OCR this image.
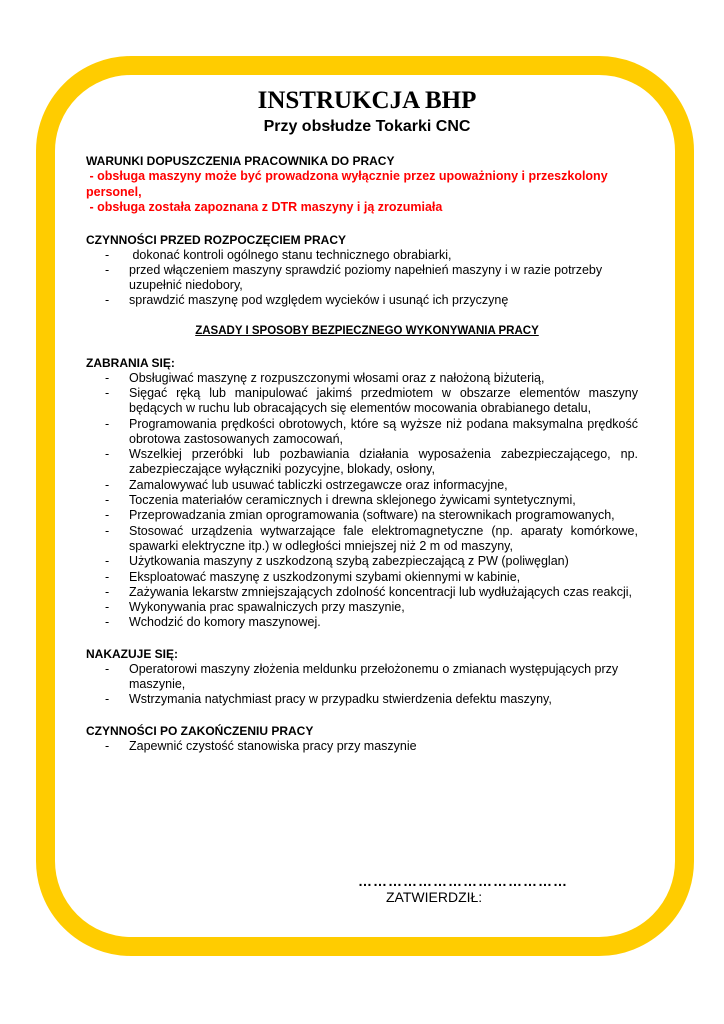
INSTRUKCJA BHP
Przy obsłudze Tokarki CNC

WARUNKI DOPUSZCZENIA PRACOWNIKA DO PRACY

- obsługa maszyny może być prowadzona wyłącznie przez upoważniony i przeszkolony personel,

- obsługa została zapoznana z DTR maszyny i ją zrozumiała

CZYNNOŚCI PRZED ROZPOCZĘCIEM PRACY

-  dokonać kontroli ogólnego stanu technicznego obrabiarki,
- przed włączeniem maszyny sprawdzić poziomy napełnień maszyny i w razie potrzeby uzupełnić niedobory,
- sprawdzić maszynę pod względem wycieków i usunąć ich przyczynę

ZASADY I SPOSOBY BEZPIECZNEGO WYKONYWANIA PRACY

ZABRANIA SIĘ:

- Obsługiwać maszynę z rozpuszczonymi włosami oraz z nałożoną biżuterią,
- Sięgać ręką lub manipulować jakimś przedmiotem w obszarze elementów maszyny będących w ruchu lub obracających się elementów mocowania obrabianego detalu,
- Programowania prędkości obrotowych, które są wyższe niż podana maksymalna prędkość obrotowa zastosowanych zamocowań,
- Wszelkiej przeróbki lub pozbawiania działania wyposażenia zabezpieczającego, np. zabezpieczające wyłączniki pozycyjne, blokady, osłony,
- Zamalowywać lub usuwać tabliczki ostrzegawcze oraz informacyjne,
- Toczenia materiałów ceramicznych i drewna sklejonego żywicami syntetycznymi,
- Przeprowadzania zmian oprogramowania (software) na sterownikach programowanych,
- Stosować urządzenia wytwarzające fale elektromagnetyczne (np. aparaty komórkowe, spawarki elektryczne itp.) w odległości mniejszej niż 2 m od maszyny,
- Użytkowania maszyny z uszkodzoną szybą zabezpieczającą z PW (poliwęglan)
- Eksploatować maszynę z uszkodzonymi szybami okiennymi w kabinie,
- Zażywania lekarstw zmniejszających zdolność koncentracji lub wydłużających czas reakcji,
- Wykonywania prac spawalniczych przy maszynie,
- Wchodzić do komory maszynowej.

NAKAZUJE SIĘ:

- Operatorowi maszyny złożenia meldunku przełożonemu o zmianach występujących przy maszynie,
- Wstrzymania natychmiast pracy w przypadku stwierdzenia defektu maszyny,

CZYNNOŚCI PO ZAKOŃCZENIU PRACY

- Zapewnić czystość stanowiska pracy przy maszynie
……………………………………
ZATWIERDZIŁ:
